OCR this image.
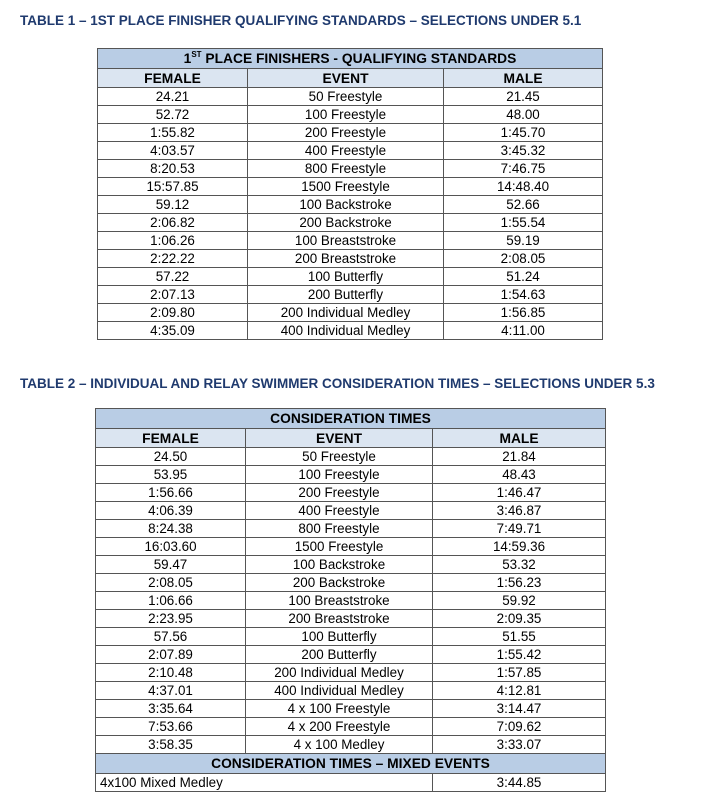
TABLE 1 – 1ST PLACE FINISHER QUALIFYING STANDARDS – SELECTIONS UNDER 5.1
1ST PLACE FINISHERS - QUALIFYING STANDARDS		
FEMALE	EVENT	MALE
24.21	50 Freestyle	21.45
52.72	100 Freestyle	48.00
1:55.82	200 Freestyle	1:45.70
4:03.57	400 Freestyle	3:45.32
8:20.53	800 Freestyle	7:46.75
15:57.85	1500 Freestyle	14:48.40
59.12	100 Backstroke	52.66
2:06.82	200 Backstroke	1:55.54
1:06.26	100 Breaststroke	59.19
2:22.22	200 Breaststroke	2:08.05
57.22	100 Butterfly	51.24
2:07.13	200 Butterfly	1:54.63
2:09.80	200 Individual Medley	1:56.85
4:35.09	400 Individual Medley	4:11.00
TABLE 2 – INDIVIDUAL AND RELAY SWIMMER CONSIDERATION TIMES – SELECTIONS UNDER 5.3
CONSIDERATION TIMES		
FEMALE	EVENT	MALE
24.50	50 Freestyle	21.84
53.95	100 Freestyle	48.43
1:56.66	200 Freestyle	1:46.47
4:06.39	400 Freestyle	3:46.87
8:24.38	800 Freestyle	7:49.71
16:03.60	1500 Freestyle	14:59.36
59.47	100 Backstroke	53.32
2:08.05	200 Backstroke	1:56.23
1:06.66	100 Breaststroke	59.92
2:23.95	200 Breaststroke	2:09.35
57.56	100 Butterfly	51.55
2:07.89	200 Butterfly	1:55.42
2:10.48	200 Individual Medley	1:57.85
4:37.01	400 Individual Medley	4:12.81
3:35.64	4 x 100 Freestyle	3:14.47
7:53.66	4 x 200 Freestyle	7:09.62
3:58.35	4 x 100 Medley	3:33.07
CONSIDERATION TIMES – MIXED EVENTS		
4x100 Mixed Medley		3:44.85
